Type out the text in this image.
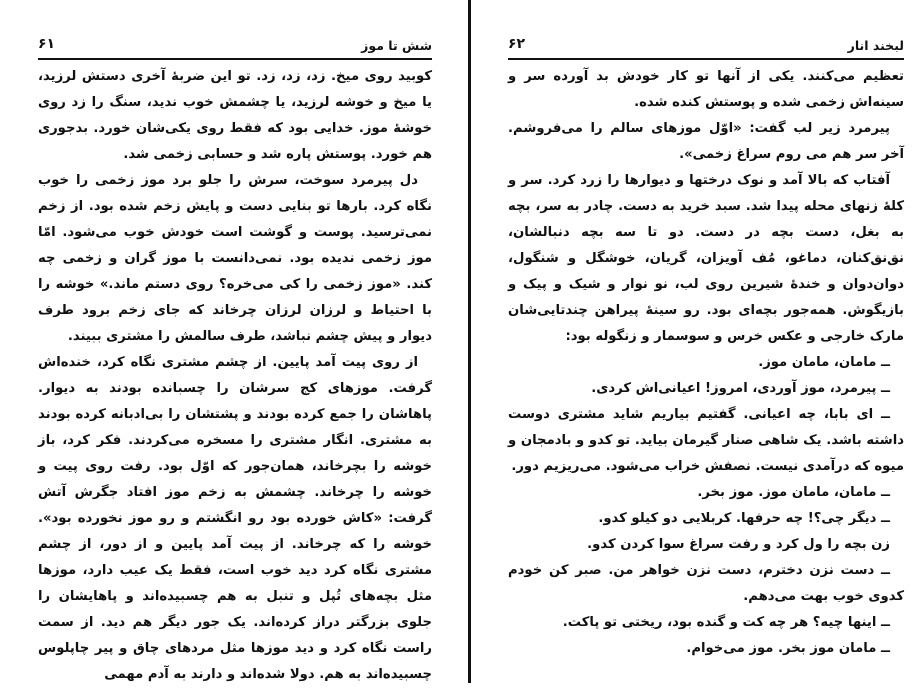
شش تا موز
۶۱

کوبید روی میخ. زد، زد، زد. تو این ضربهٔ آخری دستش لرزید، یا میخ و خوشه لرزید، یا چشمش خوب ندید، سنگ را زد روی خوشهٔ موز. خدایی بود که فقط روی یکی‌شان خورد. بدجوری هم خورد. پوستش پاره شد و حسابی زخمی شد.

دل پیرمرد سوخت، سرش را جلو برد موز زخمی را خوب نگاه کرد. بارها تو بنایی دست و پایش زخم شده بود. از زخم نمی‌ترسید. پوست و گوشت است خودش خوب می‌شود. امّا موز زخمی ندیده بود. نمی‌دانست با موز گران و زخمی چه کند. «موز زخمی را کی می‌خره؟ روی دستم ماند.» خوشه را با احتیاط و لرزان لرزان چرخاند که جای زخم برود طرف دیوار و پیش چشم نباشد، طرف سالمش را مشتری ببیند.

از روی پیت آمد پایین. از چشم مشتری نگاه کرد، خنده‌اش گرفت. موزهای کج سرشان را چسبانده بودند به دیوار. پاهاشان را جمع کرده بودند و پشتشان را بی‌ادبانه کرده بودند به مشتری. انگار مشتری را مسخره می‌کردند. فکر کرد، باز خوشه را بچرخاند، همان‌جور که اوّل بود. رفت روی پیت و خوشه را چرخاند. چشمش به زخم موز افتاد جگرش آتش گرفت: «کاش خورده بود رو انگشتم و رو موز نخورده بود». خوشه را که چرخاند. از پیت آمد پایین و از دور، از چشم مشتری نگاه کرد دید خوب است، فقط یک عیب دارد، موزها مثل بچه‌های تُپل و تنبل به هم چسبیده‌اند و پاهایشان را جلوی بزرگتر دراز کرده‌اند. یک جور دیگر هم دید. از سمت راست نگاه کرد و دید موزها مثل مردهای چاق و پیر چاپلوس چسبیده‌اند به هم. دولا شده‌اند و دارند به آدم مهمی

لبخند انار
۶۲

تعظیم می‌کنند. یکی از آنها تو کار خودش بد آورده سر و سینه‌اش زخمی شده و پوستش کنده شده.

پیرمرد زیر لب گفت: «اوّل موزهای سالم را می‌فروشم. آخر سر هم می روم سراغ زخمی».

آفتاب که بالا آمد و نوک درختها و دیوارها را زرد کرد. سر و کلهٔ زنهای محله پیدا شد. سبد خرید به دست. چادر به سر، بچه به بغل، دست بچه در دست. دو تا سه بچه دنبالشان، نق‌نق‌کنان، دماغو، مُف آویزان، گریان، خوشگل و شنگول، دوان‌دوان و خندهٔ شیرین روی لب، نو نوار و شیک و پیک و بازیگوش. همه‌جور بچه‌ای بود. رو سینهٔ پیراهن چندتایی‌شان مارک خارجی و عکس خرس و سوسمار و زنگوله بود:

ــ مامان، مامان موز.

ــ پیرمرد، موز آوردی، امروز! اعیانی‌اش کردی.

ــ ای بابا، چه اعیانی. گفتیم بیاریم شاید مشتری دوست داشته باشد. یک شاهی صنار گیرمان بیاید. تو کدو و بادمجان و میوه که درآمدی نیست. نصفش خراب می‌شود. می‌ریزیم دور.

ــ مامان، مامان موز. موز بخر.

ــ دیگر چی؟! چه حرفها. کربلایی دو کیلو کدو.

زن بچه را ول کرد و رفت سراغ سوا کردن کدو.

ــ دست نزن دخترم، دست نزن خواهر من. صبر کن خودم کدوی خوب بهت می‌دهم.

ــ اینها چیه؟ هر چه کت و گنده بود، ریختی تو پاکت.

ــ مامان موز بخر. موز می‌خوام.
